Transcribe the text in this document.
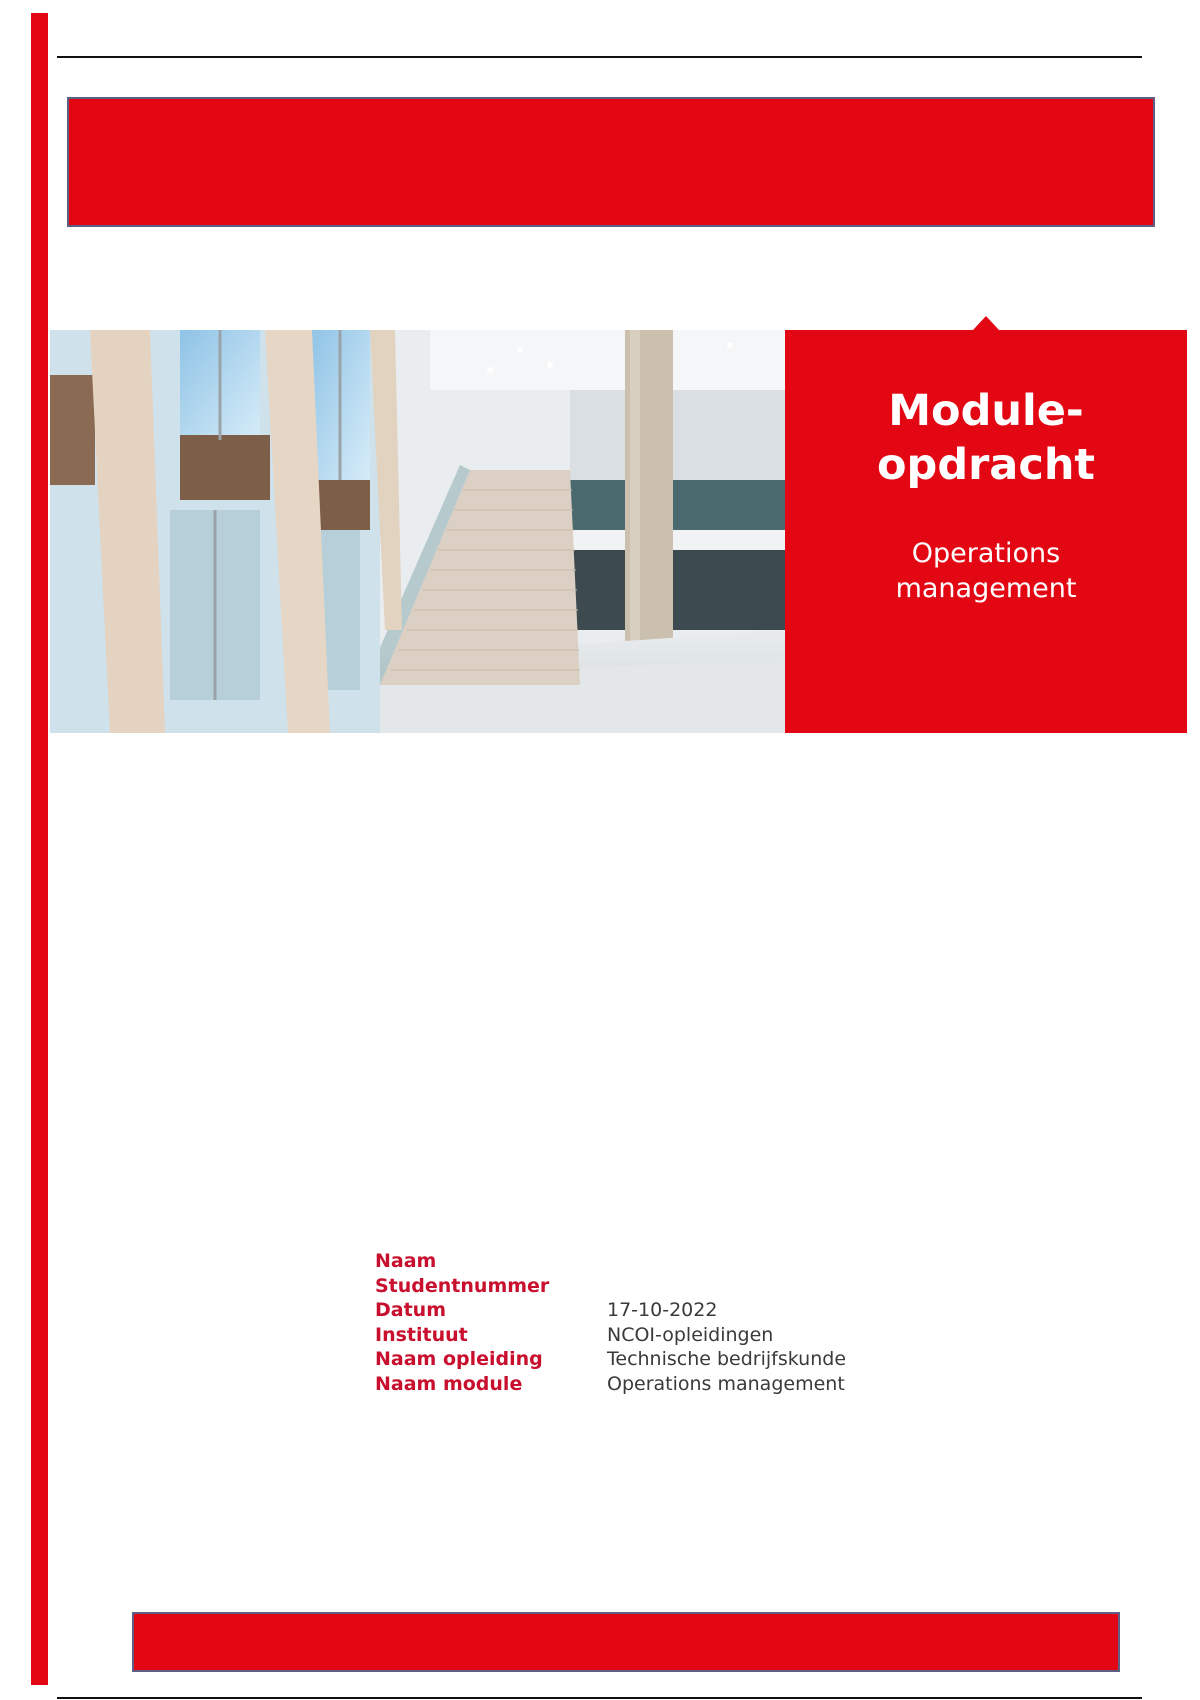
Module-
opdracht
Operations
management
Naam	
Studentnummer	
Datum	17-10-2022
Instituut	NCOI-opleidingen
Naam opleiding	Technische bedrijfskunde
Naam module	Operations management
